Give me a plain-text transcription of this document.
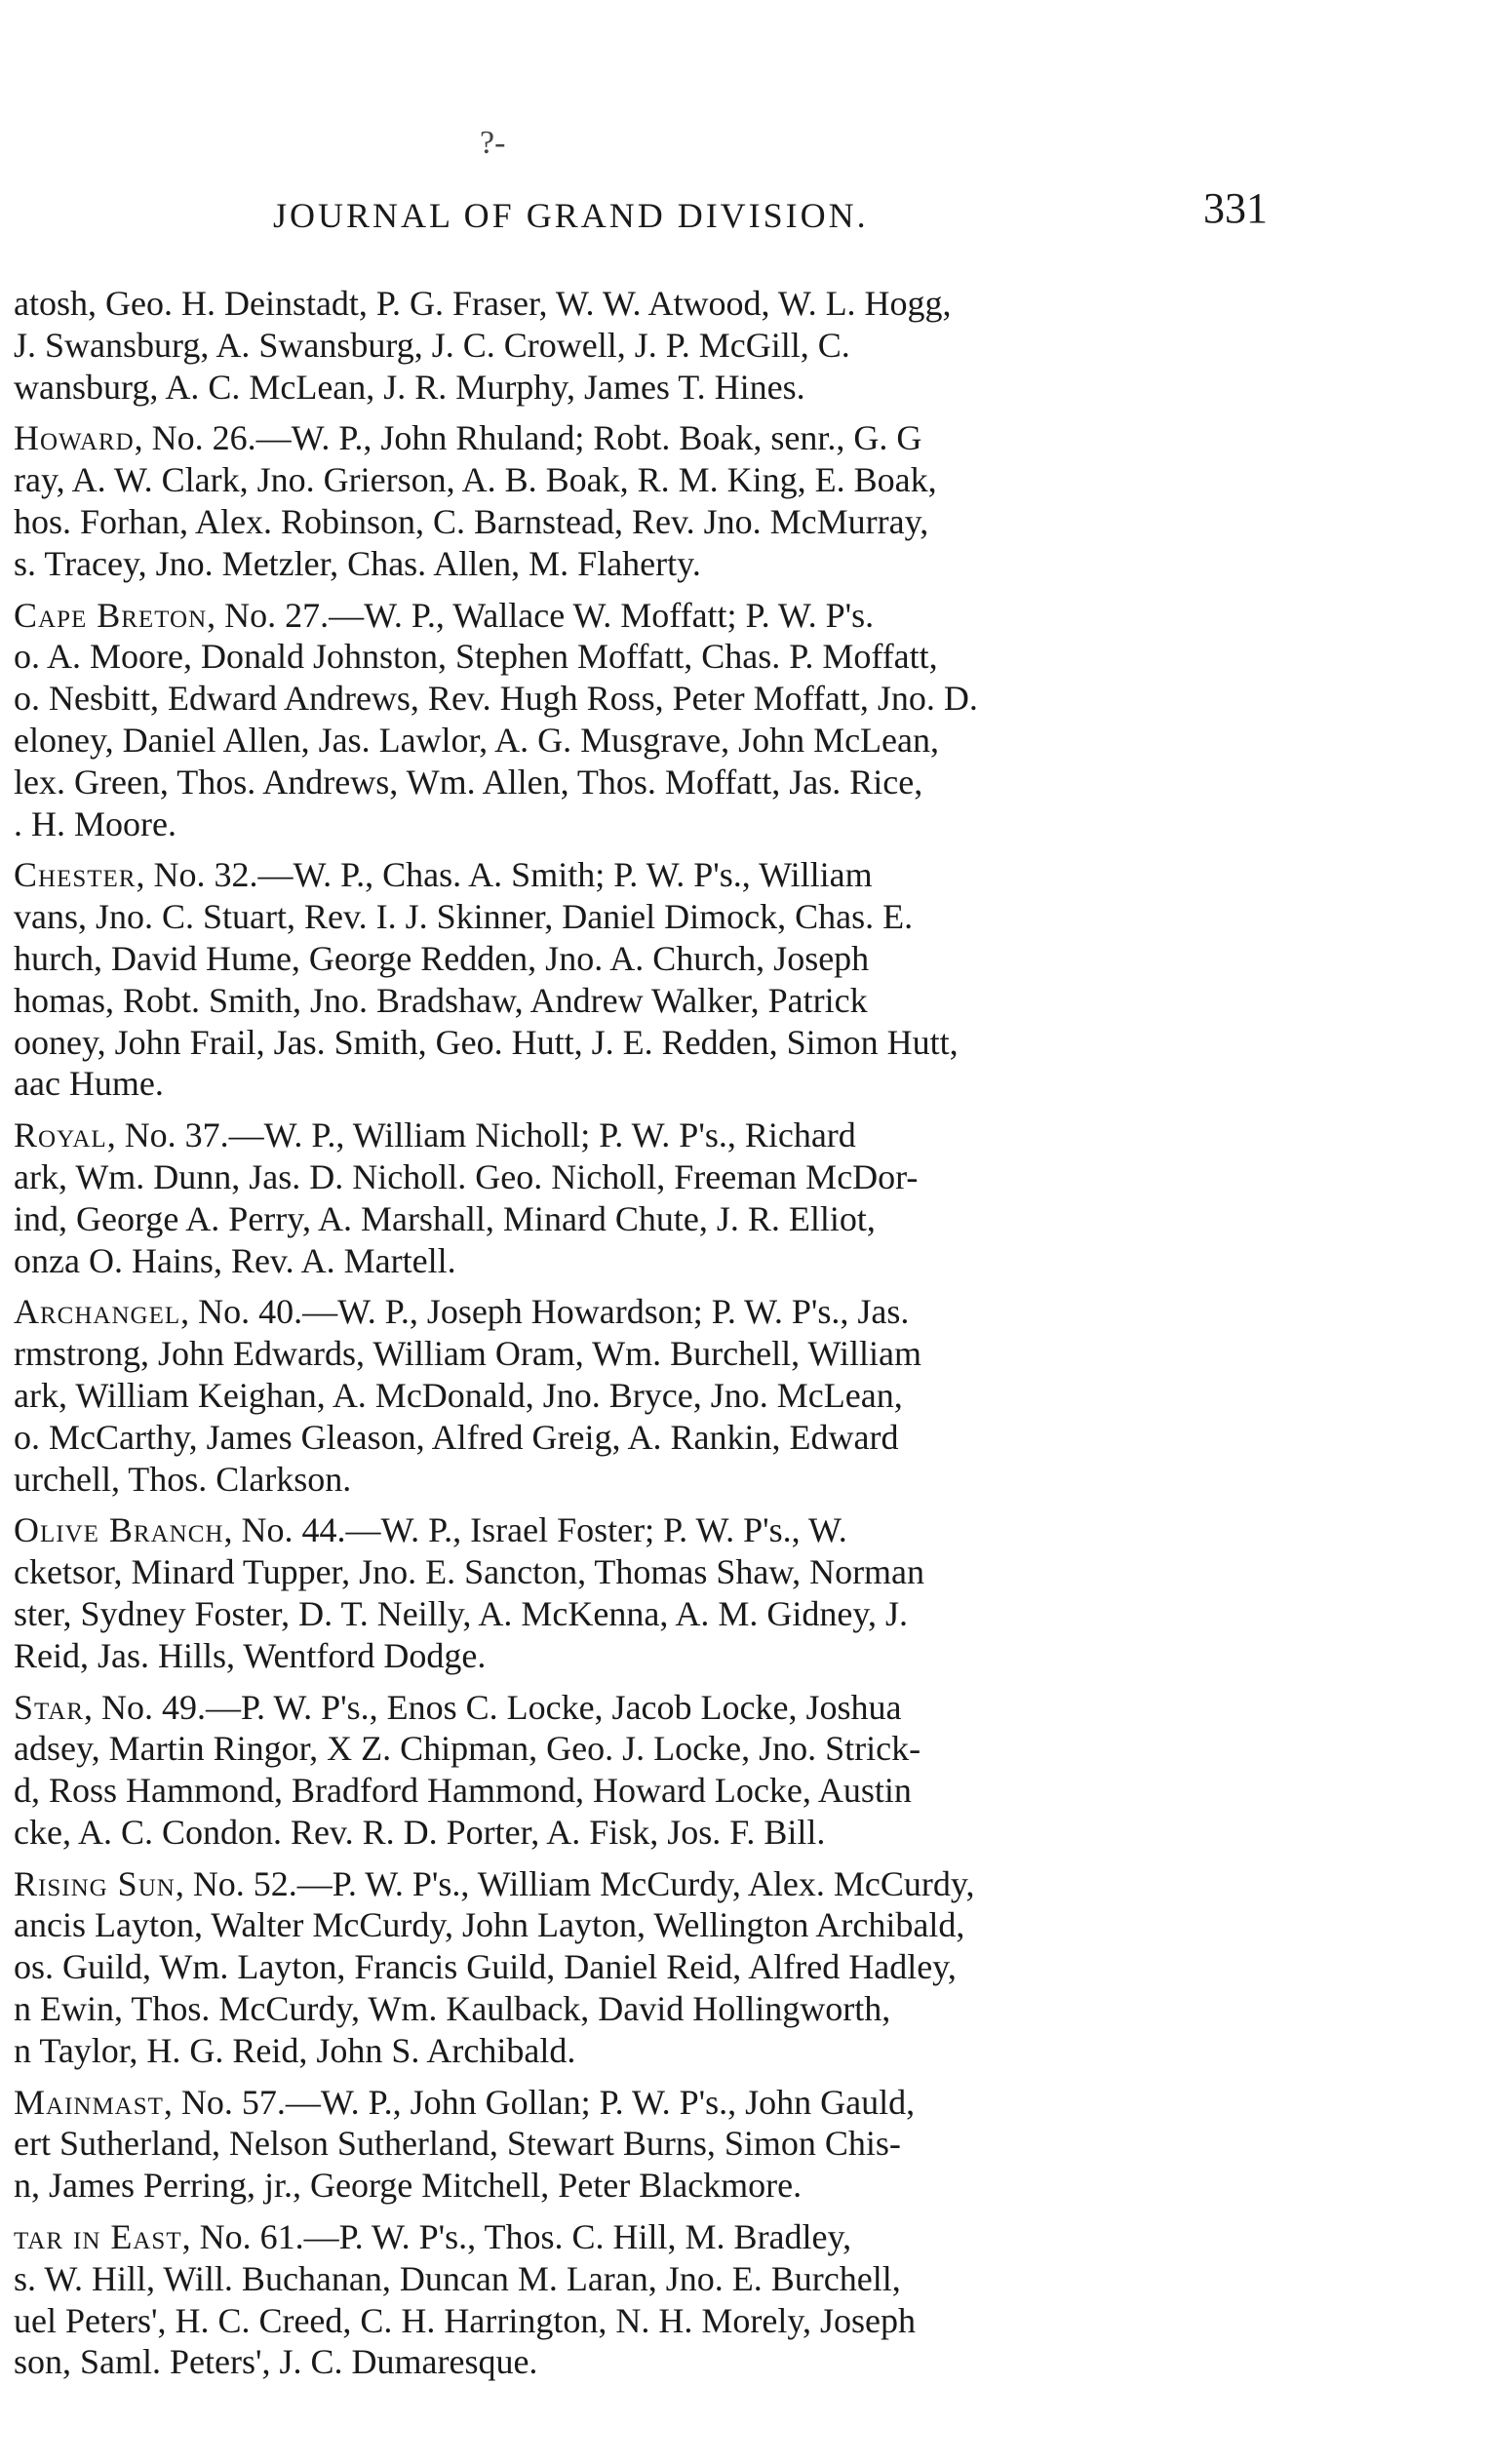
?-
JOURNAL OF GRAND DIVISION.	331
atosh, Geo. H. Deinstadt, P. G. Fraser, W. W. Atwood, W. L. Hogg,
J. Swansburg, A. Swansburg, J. C. Crowell, J. P. McGill, C.
wansburg, A. C. McLean, J. R. Murphy, James T. Hines.
Howard, No. 26.—W. P., John Rhuland; Robt. Boak, senr., G. G
ray, A. W. Clark, Jno. Grierson, A. B. Boak, R. M. King, E. Boak,
hos. Forhan, Alex. Robinson, C. Barnstead, Rev. Jno. McMurray,
s. Tracey, Jno. Metzler, Chas. Allen, M. Flaherty.
Cape Breton, No. 27.—W. P., Wallace W. Moffatt; P. W. P's.
o. A. Moore, Donald Johnston, Stephen Moffatt, Chas. P. Moffatt,
o. Nesbitt, Edward Andrews, Rev. Hugh Ross, Peter Moffatt, Jno. D.
eloney, Daniel Allen, Jas. Lawlor, A. G. Musgrave, John McLean,
lex. Green, Thos. Andrews, Wm. Allen, Thos. Moffatt, Jas. Rice,
. H. Moore.
Chester, No. 32.—W. P., Chas. A. Smith; P. W. P's., William
vans, Jno. C. Stuart, Rev. I. J. Skinner, Daniel Dimock, Chas. E.
hurch, David Hume, George Redden, Jno. A. Church, Joseph
homas, Robt. Smith, Jno. Bradshaw, Andrew Walker, Patrick
ooney, John Frail, Jas. Smith, Geo. Hutt, J. E. Redden, Simon Hutt,
aac Hume.
Royal, No. 37.—W. P., William Nicholl; P. W. P's., Richard
ark, Wm. Dunn, Jas. D. Nicholl. Geo. Nicholl, Freeman McDor-
ind, George A. Perry, A. Marshall, Minard Chute, J. R. Elliot,
onza O. Hains, Rev. A. Martell.
Archangel, No. 40.—W. P., Joseph Howardson; P. W. P's., Jas.
rmstrong, John Edwards, William Oram, Wm. Burchell, William
ark, William Keighan, A. McDonald, Jno. Bryce, Jno. McLean,
o. McCarthy, James Gleason, Alfred Greig, A. Rankin, Edward
urchell, Thos. Clarkson.
Olive Branch, No. 44.—W. P., Israel Foster; P. W. P's., W.
cketsor, Minard Tupper, Jno. E. Sancton, Thomas Shaw, Norman
ster, Sydney Foster, D. T. Neilly, A. McKenna, A. M. Gidney, J.
Reid, Jas. Hills, Wentford Dodge.
Star, No. 49.—P. W. P's., Enos C. Locke, Jacob Locke, Joshua
adsey, Martin Ringor, X Z. Chipman, Geo. J. Locke, Jno. Strick-
d, Ross Hammond, Bradford Hammond, Howard Locke, Austin
cke, A. C. Condon. Rev. R. D. Porter, A. Fisk, Jos. F. Bill.
Rising Sun, No. 52.—P. W. P's., William McCurdy, Alex. McCurdy,
ancis Layton, Walter McCurdy, John Layton, Wellington Archibald,
os. Guild, Wm. Layton, Francis Guild, Daniel Reid, Alfred Hadley,
n Ewin, Thos. McCurdy, Wm. Kaulback, David Hollingworth,
n Taylor, H. G. Reid, John S. Archibald.
Mainmast, No. 57.—W. P., John Gollan; P. W. P's., John Gauld,
ert Sutherland, Nelson Sutherland, Stewart Burns, Simon Chis-
n, James Perring, jr., George Mitchell, Peter Blackmore.
tar in East, No. 61.—P. W. P's., Thos. C. Hill, M. Bradley,
s. W. Hill, Will. Buchanan, Duncan M. Laran, Jno. E. Burchell,
uel Peters', H. C. Creed, C. H. Harrington, N. H. Morely, Joseph
son, Saml. Peters', J. C. Dumaresque.
